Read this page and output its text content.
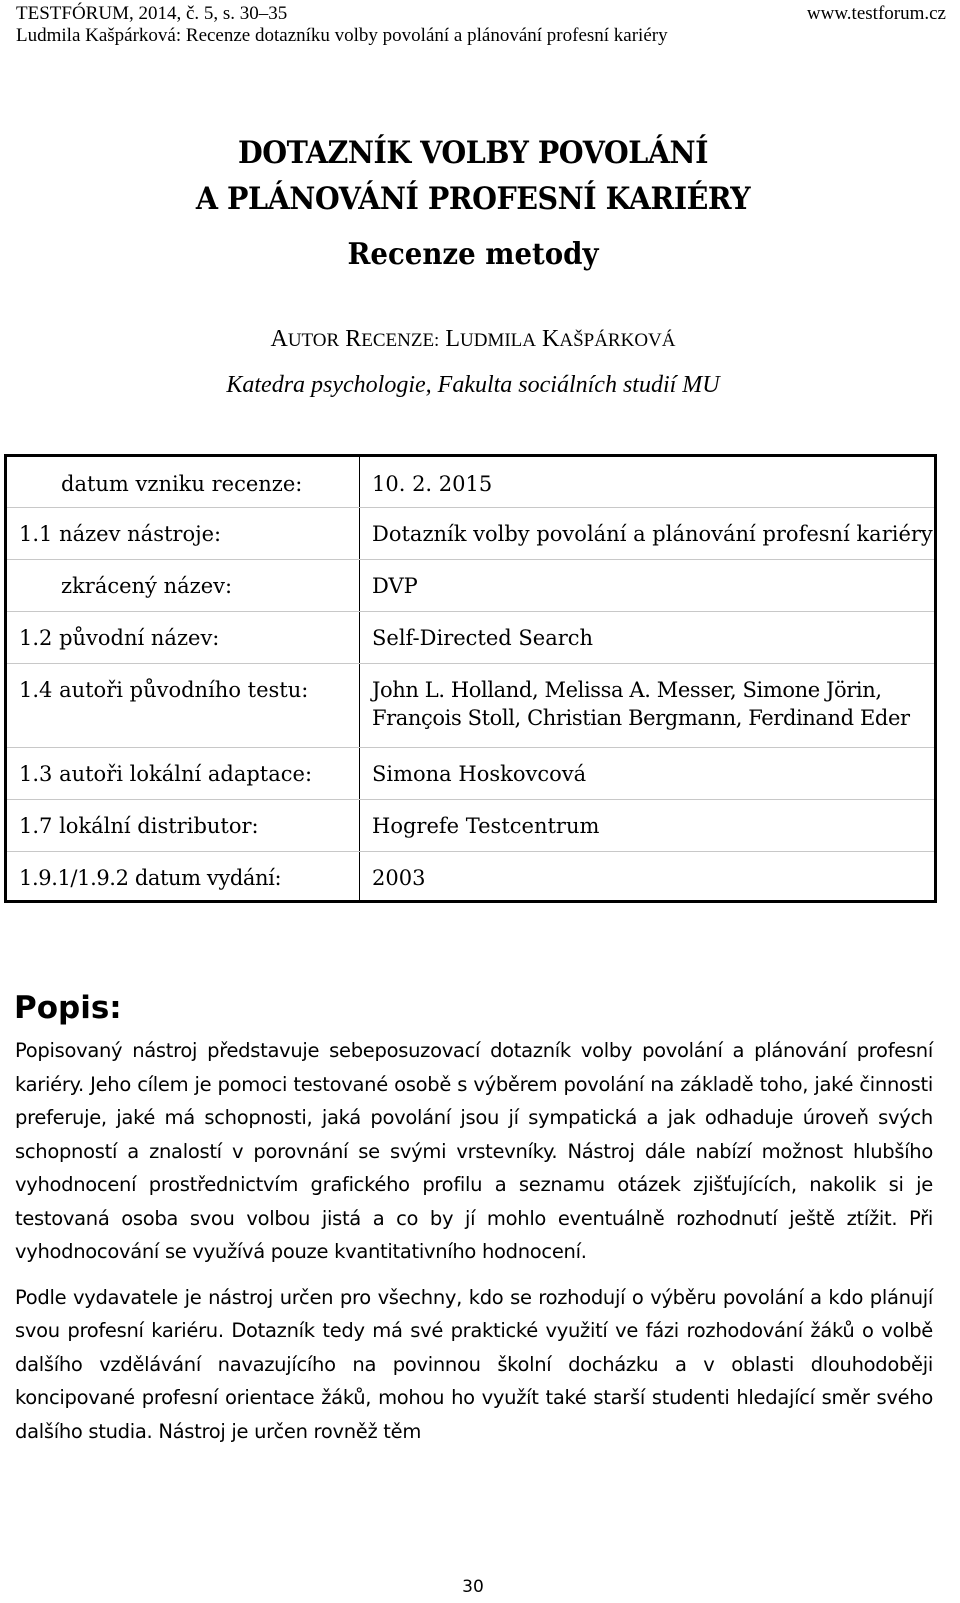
TESTFÓRUM, 2014, č. 5, s. 30–35	www.testforum.cz
Ludmila Kašpárková: Recenze dotazníku volby povolání a plánování profesní kariéry
DOTAZNÍK VOLBY POVOLÁNÍ
A PLÁNOVÁNÍ PROFESNÍ KARIÉRY
Recenze metody
AUTOR RECENZE: LUDMILA KAŠPÁRKOVÁ
Katedra psychologie, Fakulta sociálních studií MU
datum vzniku recenze:	10. 2. 2015
1.1 název nástroje:	Dotazník volby povolání a plánování profesní kariéry
zkrácený název:	DVP
1.2 původní název:	Self-Directed Search
1.4 autoři původního testu:	John L. Holland, Melissa A. Messer, Simone Jörin, François Stoll, Christian Bergmann, Ferdinand Eder
1.3 autoři lokální adaptace:	Simona Hoskovcová
1.7 lokální distributor:	Hogrefe Testcentrum
1.9.1/1.9.2 datum vydání:	2003
Popis:

Popisovaný nástroj představuje sebeposuzovací dotazník volby povolání a plánování profesní kariéry. Jeho cílem je pomoci testované osobě s výběrem povolání na základě toho, jaké činnosti preferuje, jaké má schopnosti, jaká povolání jsou jí sympatická a jak odhaduje úroveň svých schopností a znalostí v porovnání se svými vrstevníky. Nástroj dále nabízí možnost hlubšího vyhodnocení prostřednictvím grafického profilu a seznamu otázek zjišťujících, nakolik si je testovaná osoba svou volbou jistá a co by jí mohlo eventuálně rozhodnutí ještě ztížit. Při vyhodnocování se využívá pouze kvantitativního hodnocení.

Podle vydavatele je nástroj určen pro všechny, kdo se rozhodují o výběru povolání a kdo plánují svou profesní kariéru. Dotazník tedy má své praktické využití ve fázi rozhodování žáků o volbě dalšího vzdělávání navazujícího na povinnou školní docházku a v oblasti dlouhodoběji koncipované profesní orientace žáků, mohou ho využít také starší studenti hledající směr svého dalšího studia. Nástroj je určen rovněž těm

30
